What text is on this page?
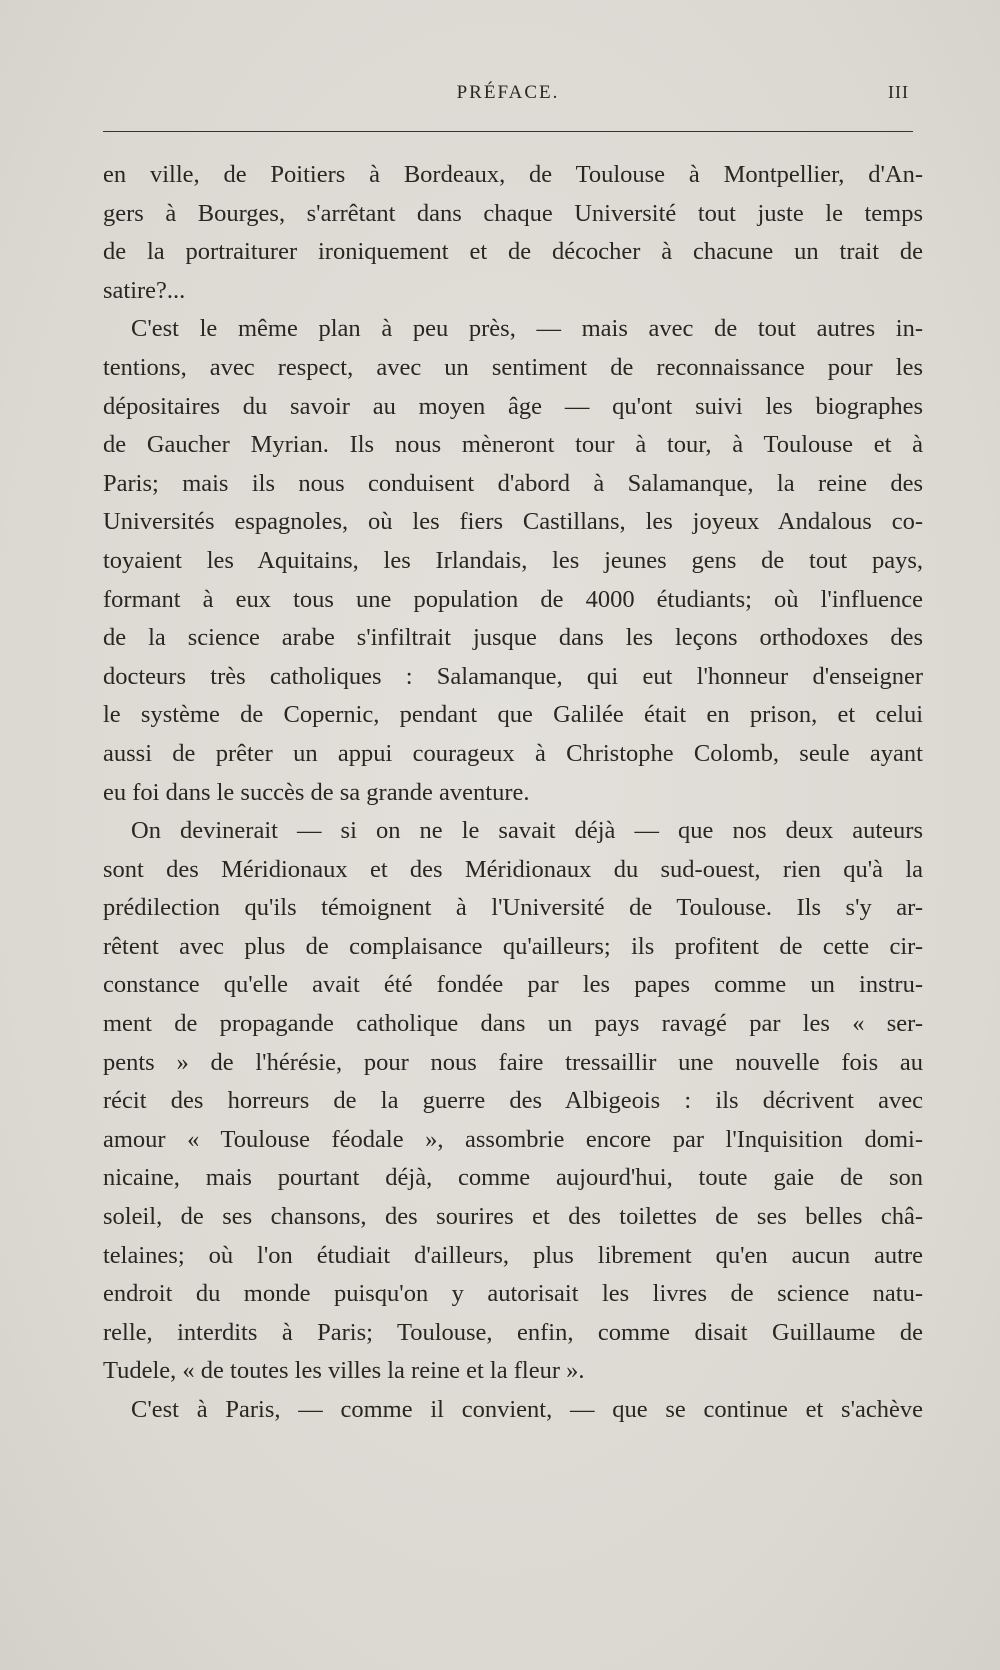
PRÉFACE.	III
en ville, de Poitiers à Bordeaux, de Toulouse à Montpellier, d'An-
gers à Bourges, s'arrêtant dans chaque Université tout juste le temps
de la portraiturer ironiquement et de décocher à chacune un trait de
satire?...
C'est le même plan à peu près, — mais avec de tout autres in-
tentions, avec respect, avec un sentiment de reconnaissance pour les
dépositaires du savoir au moyen âge — qu'ont suivi les biographes
de Gaucher Myrian. Ils nous mèneront tour à tour, à Toulouse et à
Paris; mais ils nous conduisent d'abord à Salamanque, la reine des
Universités espagnoles, où les fiers Castillans, les joyeux Andalous co-
toyaient les Aquitains, les Irlandais, les jeunes gens de tout pays,
formant à eux tous une population de 4000 étudiants; où l'influence
de la science arabe s'infiltrait jusque dans les leçons orthodoxes des
docteurs très catholiques : Salamanque, qui eut l'honneur d'enseigner
le système de Copernic, pendant que Galilée était en prison, et celui
aussi de prêter un appui courageux à Christophe Colomb, seule ayant
eu foi dans le succès de sa grande aventure.
On devinerait — si on ne le savait déjà — que nos deux auteurs
sont des Méridionaux et des Méridionaux du sud-ouest, rien qu'à la
prédilection qu'ils témoignent à l'Université de Toulouse. Ils s'y ar-
rêtent avec plus de complaisance qu'ailleurs; ils profitent de cette cir-
constance qu'elle avait été fondée par les papes comme un instru-
ment de propagande catholique dans un pays ravagé par les « ser-
pents » de l'hérésie, pour nous faire tressaillir une nouvelle fois au
récit des horreurs de la guerre des Albigeois : ils décrivent avec
amour « Toulouse féodale », assombrie encore par l'Inquisition domi-
nicaine, mais pourtant déjà, comme aujourd'hui, toute gaie de son
soleil, de ses chansons, des sourires et des toilettes de ses belles châ-
telaines; où l'on étudiait d'ailleurs, plus librement qu'en aucun autre
endroit du monde puisqu'on y autorisait les livres de science natu-
relle, interdits à Paris; Toulouse, enfin, comme disait Guillaume de
Tudele, « de toutes les villes la reine et la fleur ».
C'est à Paris, — comme il convient, — que se continue et s'achève
